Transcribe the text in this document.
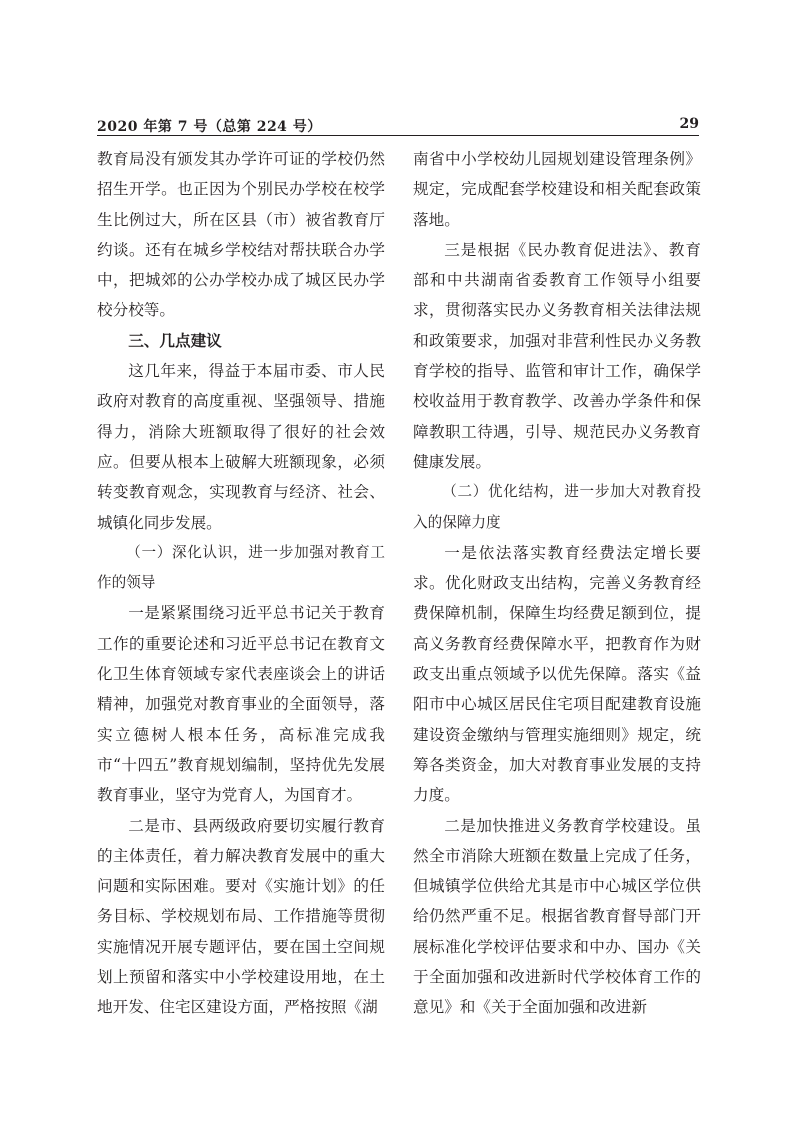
2020 年第 7 号（总第 224 号）	29

教育局没有颁发其办学许可证的学校仍然招生开学。也正因为个别民办学校在校学生比例过大，所在区县（市）被省教育厅约谈。还有在城乡学校结对帮扶联合办学中，把城郊的公办学校办成了城区民办学校分校等。

三、几点建议

这几年来，得益于本届市委、市人民政府对教育的高度重视、坚强领导、措施得力，消除大班额取得了很好的社会效应。但要从根本上破解大班额现象，必须转变教育观念，实现教育与经济、社会、城镇化同步发展。

（一）深化认识，进一步加强对教育工作的领导

一是紧紧围绕习近平总书记关于教育工作的重要论述和习近平总书记在教育文化卫生体育领域专家代表座谈会上的讲话精神，加强党对教育事业的全面领导，落实立德树人根本任务，高标准完成我市“十四五”教育规划编制，坚持优先发展教育事业，坚守为党育人，为国育才。

二是市、县两级政府要切实履行教育的主体责任，着力解决教育发展中的重大问题和实际困难。要对《实施计划》的任务目标、学校规划布局、工作措施等贯彻实施情况开展专题评估，要在国土空间规划上预留和落实中小学校建设用地，在土地开发、住宅区建设方面，严格按照《湖

南省中小学校幼儿园规划建设管理条例》规定，完成配套学校建设和相关配套政策落地。

三是根据《民办教育促进法》、教育部和中共湖南省委教育工作领导小组要求，贯彻落实民办义务教育相关法律法规和政策要求，加强对非营利性民办义务教育学校的指导、监管和审计工作，确保学校收益用于教育教学、改善办学条件和保障教职工待遇，引导、规范民办义务教育健康发展。

（二）优化结构，进一步加大对教育投入的保障力度

一是依法落实教育经费法定增长要求。优化财政支出结构，完善义务教育经费保障机制，保障生均经费足额到位，提高义务教育经费保障水平，把教育作为财政支出重点领域予以优先保障。落实《益阳市中心城区居民住宅项目配建教育设施建设资金缴纳与管理实施细则》规定，统筹各类资金，加大对教育事业发展的支持力度。

二是加快推进义务教育学校建设。虽然全市消除大班额在数量上完成了任务，但城镇学位供给尤其是市中心城区学位供给仍然严重不足。根据省教育督导部门开展标准化学校评估要求和中办、国办《关于全面加强和改进新时代学校体育工作的意见》和《关于全面加强和改进新
